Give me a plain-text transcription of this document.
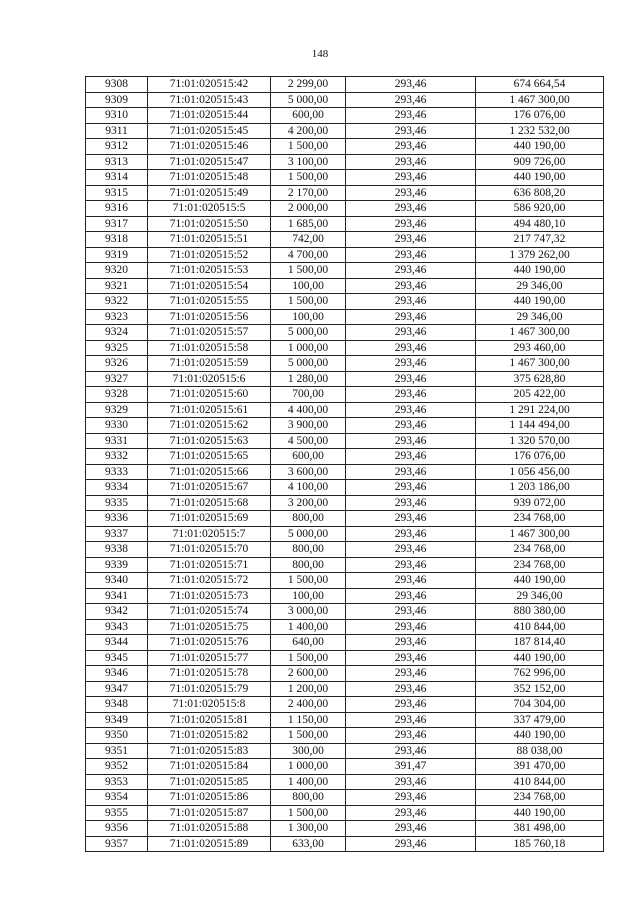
148
9308	71:01:020515:42	2 299,00	293,46	674 664,54
9309	71:01:020515:43	5 000,00	293,46	1 467 300,00
9310	71:01:020515:44	600,00	293,46	176 076,00
9311	71:01:020515:45	4 200,00	293,46	1 232 532,00
9312	71:01:020515:46	1 500,00	293,46	440 190,00
9313	71:01:020515:47	3 100,00	293,46	909 726,00
9314	71:01:020515:48	1 500,00	293,46	440 190,00
9315	71:01:020515:49	2 170,00	293,46	636 808,20
9316	71:01:020515:5	2 000,00	293,46	586 920,00
9317	71:01:020515:50	1 685,00	293,46	494 480,10
9318	71:01:020515:51	742,00	293,46	217 747,32
9319	71:01:020515:52	4 700,00	293,46	1 379 262,00
9320	71:01:020515:53	1 500,00	293,46	440 190,00
9321	71:01:020515:54	100,00	293,46	29 346,00
9322	71:01:020515:55	1 500,00	293,46	440 190,00
9323	71:01:020515:56	100,00	293,46	29 346,00
9324	71:01:020515:57	5 000,00	293,46	1 467 300,00
9325	71:01:020515:58	1 000,00	293,46	293 460,00
9326	71:01:020515:59	5 000,00	293,46	1 467 300,00
9327	71:01:020515:6	1 280,00	293,46	375 628,80
9328	71:01:020515:60	700,00	293,46	205 422,00
9329	71:01:020515:61	4 400,00	293,46	1 291 224,00
9330	71:01:020515:62	3 900,00	293,46	1 144 494,00
9331	71:01:020515:63	4 500,00	293,46	1 320 570,00
9332	71:01:020515:65	600,00	293,46	176 076,00
9333	71:01:020515:66	3 600,00	293,46	1 056 456,00
9334	71:01:020515:67	4 100,00	293,46	1 203 186,00
9335	71:01:020515:68	3 200,00	293,46	939 072,00
9336	71:01:020515:69	800,00	293,46	234 768,00
9337	71:01:020515:7	5 000,00	293,46	1 467 300,00
9338	71:01:020515:70	800,00	293,46	234 768,00
9339	71:01:020515:71	800,00	293,46	234 768,00
9340	71:01:020515:72	1 500,00	293,46	440 190,00
9341	71:01:020515:73	100,00	293,46	29 346,00
9342	71:01:020515:74	3 000,00	293,46	880 380,00
9343	71:01:020515:75	1 400,00	293,46	410 844,00
9344	71:01:020515:76	640,00	293,46	187 814,40
9345	71:01:020515:77	1 500,00	293,46	440 190,00
9346	71:01:020515:78	2 600,00	293,46	762 996,00
9347	71:01:020515:79	1 200,00	293,46	352 152,00
9348	71:01:020515:8	2 400,00	293,46	704 304,00
9349	71:01:020515:81	1 150,00	293,46	337 479,00
9350	71:01:020515:82	1 500,00	293,46	440 190,00
9351	71:01:020515:83	300,00	293,46	88 038,00
9352	71:01:020515:84	1 000,00	391,47	391 470,00
9353	71:01:020515:85	1 400,00	293,46	410 844,00
9354	71:01:020515:86	800,00	293,46	234 768,00
9355	71:01:020515:87	1 500,00	293,46	440 190,00
9356	71:01:020515:88	1 300,00	293,46	381 498,00
9357	71:01:020515:89	633,00	293,46	185 760,18
